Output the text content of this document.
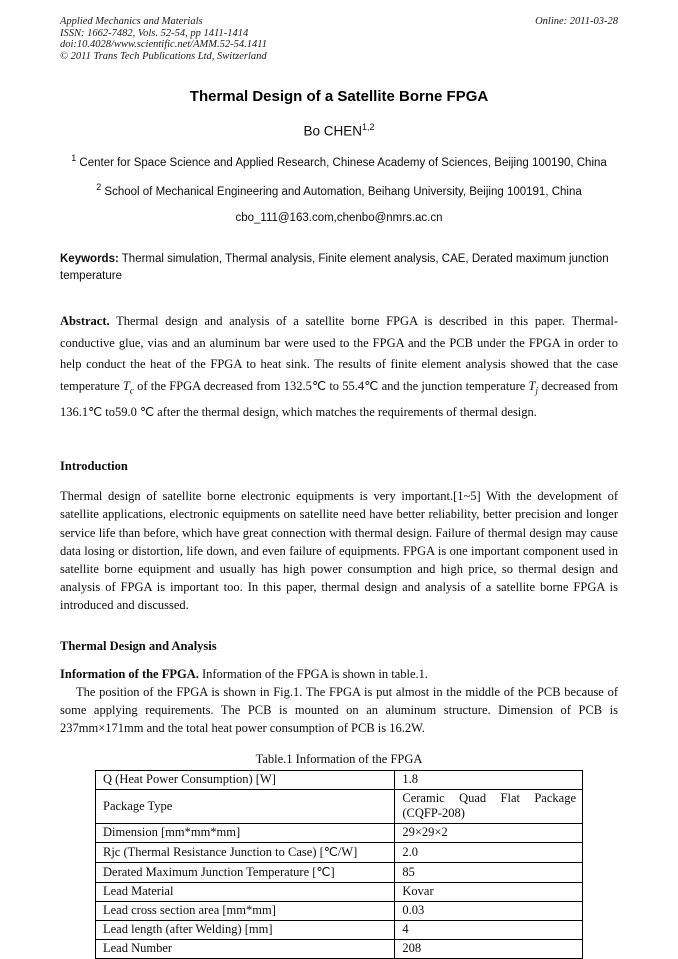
Applied Mechanics and Materials
ISSN: 1662-7482, Vols. 52-54, pp 1411-1414
doi:10.4028/www.scientific.net/AMM.52-54.1411
© 2011 Trans Tech Publications Ltd, Switzerland
Online: 2011-03-28
Thermal Design of a Satellite Borne FPGA
Bo CHEN$^{1,2}$
$^1$ Center for Space Science and Applied Research, Chinese Academy of Sciences, Beijing 100190, China
$^2$ School of Mechanical Engineering and Automation, Beihang University, Beijing 100191, China
cbo_111@163.com,chenbo@nmrs.ac.cn
Keywords: Thermal simulation, Thermal analysis, Finite element analysis, CAE, Derated maximum junction temperature
Abstract. Thermal design and analysis of a satellite borne FPGA is described in this paper. Thermal-conductive glue, vias and an aluminum bar were used to the FPGA and the PCB under the FPGA in order to help conduct the heat of the FPGA to heat sink. The results of finite element analysis showed that the case temperature $T_c$ of the FPGA decreased from 132.5℃ to 55.4℃ and the junction temperature $T_j$ decreased from 136.1℃ to59.0 ℃ after the thermal design, which matches the requirements of thermal design.
Introduction
Thermal design of satellite borne electronic equipments is very important.[1~5] With the development of satellite applications, electronic equipments on satellite need have better reliability, better precision and longer service life than before, which have great connection with thermal design. Failure of thermal design may cause data losing or distortion, life down, and even failure of equipments. FPGA is one important component used in satellite borne equipment and usually has high power consumption and high price, so thermal design and analysis of FPGA is important too. In this paper, thermal design and analysis of a satellite borne FPGA is introduced and discussed.
Thermal Design and Analysis
Information of the FPGA. Information of the FPGA is shown in table.1.
The position of the FPGA is shown in Fig.1. The FPGA is put almost in the middle of the PCB because of some applying requirements. The PCB is mounted on an aluminum structure. Dimension of PCB is 237mm×171mm and the total heat power consumption of PCB is 16.2W.
Table.1 Information of the FPGA
Q (Heat Power Consumption) [W]	1.8
Package Type	Ceramic Quad Flat Package (CQFP-208)
Dimension [mm*mm*mm]	29×29×2
Rjc (Thermal Resistance Junction to Case) [℃/W]	2.0
Derated Maximum Junction Temperature [℃]	85
Lead Material	Kovar
Lead cross section area [mm*mm]	0.03
Lead length (after Welding) [mm]	4
Lead Number	208
